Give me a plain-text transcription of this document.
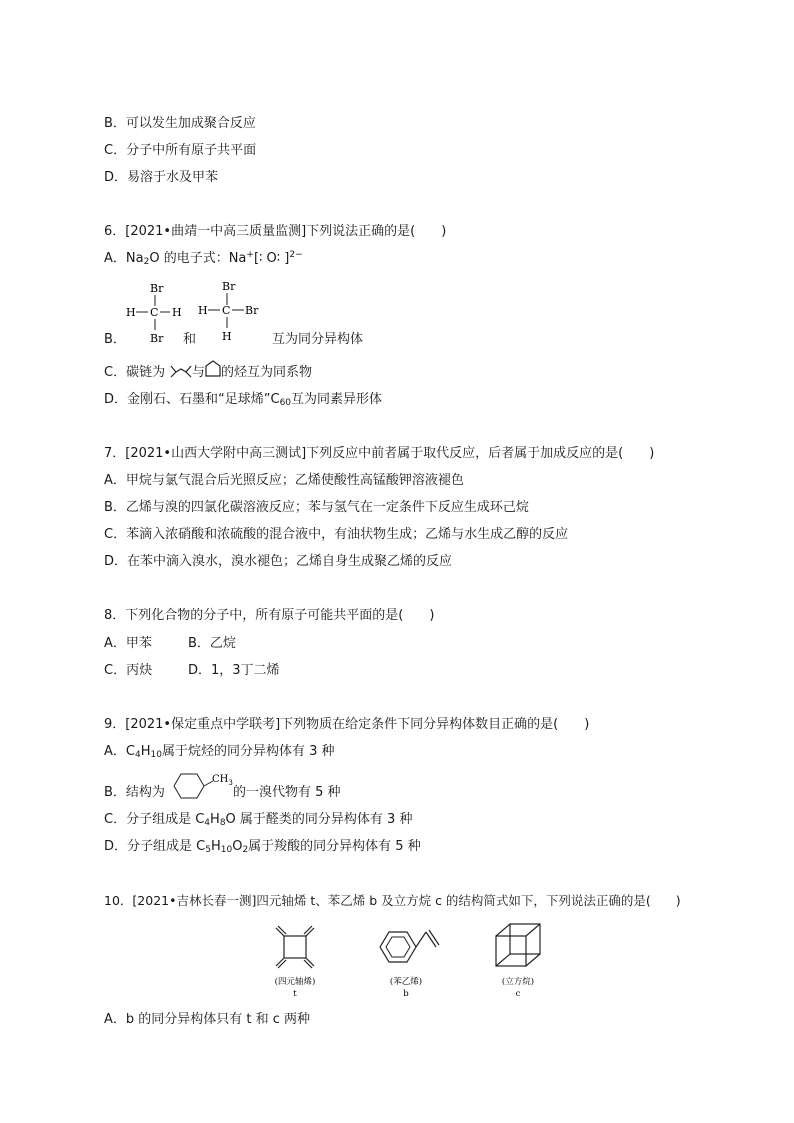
B．可以发生加成聚合反应
C．分子中所有原子共平面
D．易溶于水及甲苯
6．[2021•曲靖一中高三质量监测]下列说法正确的是(　　)
A．$Na_2O$ 的电子式：Na+[∶ O∶ ]$^{2-}$
Br
H C H
Br
Br
H C Br
H
B．	和	互为同分异构体
C．碳链为 与 的烃互为同系物
D．金刚石、石墨和“足球烯$”C_{60}$互为同素异形体
7．[2021•山西大学附中高三测试]下列反应中前者属于取代反应，后者属于加成反应的是(　　)
A．甲烷与氯气混合后光照反应；乙烯使酸性高锰酸钾溶液褪色
B．乙烯与溴的四氯化碳溶液反应；苯与氢气在一定条件下反应生成环己烷
C．苯滴入浓硝酸和浓硫酸的混合液中，有油状物生成；乙烯与水生成乙醇的反应
D．在苯中滴入溴水，溴水褪色；乙烯自身生成聚乙烯的反应
8．下列化合物的分子中，所有原子可能共平面的是(　　)
A．甲苯	B．乙烷
C．丙炔	D．1，3丁二烯
9．[2021•保定重点中学联考]下列物质在给定条件下同分异构体数目正确的是(　　)
A．$C_4H_{10}$属于烷烃的同分异构体有 3 种
B．结构为
$CH_3$
的一溴代物有 5 种
C．分子组成是 $C_4H_8O$ 属于醛类的同分异构体有 3 种
D．分子组成是 $C_5H_{10}O_2$属于羧酸的同分异构体有 5 种
10．[2021•吉林长春一测]四元轴烯 t、苯乙烯 b 及立方烷 c 的结构简式如下，下列说法正确的是(　　)
(四元轴烯)
t
(苯乙烯)
b
(立方烷)
c
A．b 的同分异构体只有 t 和 c 两种
